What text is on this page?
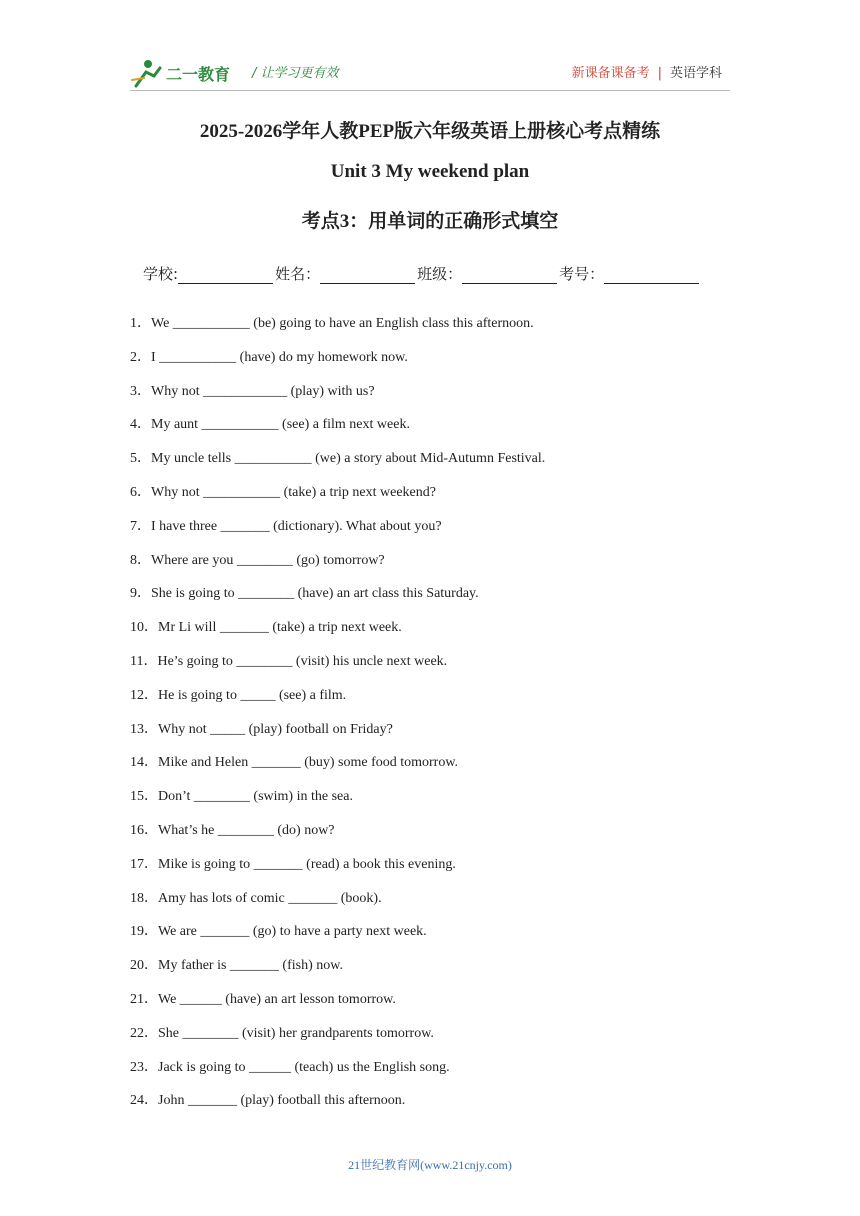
二一教育 / 让学习更有效	新课备课备考 | 英语学科
2025-2026学年人教PEP版六年级英语上册核心考点精练
Unit 3 My weekend plan
考点3：用单词的正确形式填空
学校:	姓名：	班级：	考号：
1．We ___________ (be) going to have an English class this afternoon.
2．I ___________ (have) do my homework now.
3．Why not ____________ (play) with us?
4．My aunt ___________ (see) a film next week.
5．My uncle tells ___________ (we) a story about Mid-Autumn Festival.
6．Why not ___________ (take) a trip next weekend?
7．I have three _______ (dictionary). What about you?
8．Where are you ________ (go) tomorrow?
9．She is going to ________ (have) an art class this Saturday.
10．Mr Li will _______ (take) a trip next week.
11．He’s going to ________ (visit) his uncle next week.
12．He is going to _____ (see) a film.
13．Why not _____ (play) football on Friday?
14．Mike and Helen _______ (buy) some food tomorrow.
15．Don’t ________ (swim) in the sea.
16．What’s he ________ (do) now?
17．Mike is going to _______ (read) a book this evening.
18．Amy has lots of comic _______ (book).
19．We are _______ (go) to have a party next week.
20．My father is _______ (fish) now.
21．We ______ (have) an art lesson tomorrow.
22．She ________ (visit) her grandparents tomorrow.
23．Jack is going to ______ (teach) us the English song.
24．John _______ (play) football this afternoon.
21世纪教育网(www.21cnjy.com)
